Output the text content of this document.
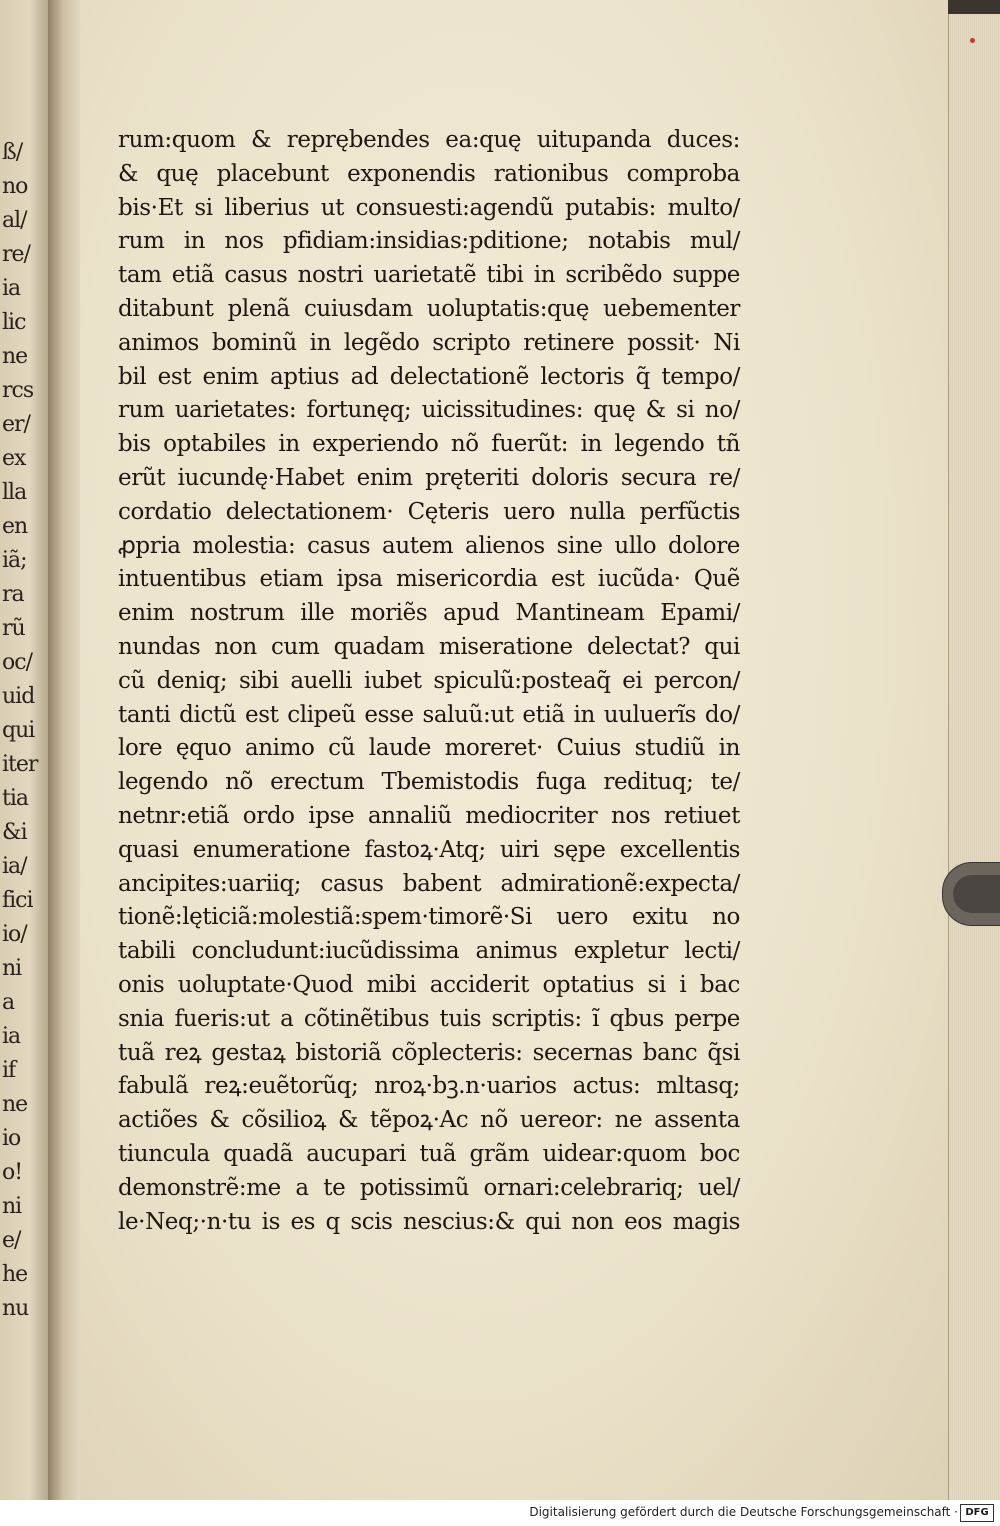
ß/
no
al/
re/
ia
lic
ne
rcs
er/
ex
lla
en
iã;
ra
rũ
oc/
uid
qui
iter
tia
&i
ia/
fici
io/
ni
a
ia
if
ne
io
o!
ni
e/
he
nu
rum:quom & reprębendes ea:quę uitupanda duces:
& quę placebunt exponendis rationibus comproba
bis·Et si liberius ut consuesti:agendũ putabis: multo/
rum in nos pfidiam:insidias:pditione; notabis mul/
tam etiã casus nostri uarietatẽ tibi in scribẽdo suppe
ditabunt plenã cuiusdam uoluptatis:quę uebementer
animos bominũ in legẽdo scripto retinere possit· Ni
bil est enim aptius ad delectationẽ lectoris q̃ tempo/
rum uarietates: fortunęq; uicissitudines: quę & si no/
bis optabiles in experiendo nõ fuerũt: in legendo tñ
erũt iucundę·Habet enim pręteriti doloris secura re/
cordatio delectationem· Cęteris uero nulla perfũctis
ꝓpria molestia: casus autem alienos sine ullo dolore
intuentibus etiam ipsa misericordia est iucũda· Quẽ
enim nostrum ille moriẽs apud Mantineam Epami/
nundas non cum quadam miseratione delectat? qui
cũ deniq; sibi auelli iubet spiculũ:posteaq̃ ei percon/
tanti dictũ est clipeũ esse saluũ:ut etiã in uuluerĩs do/
lore ęquo animo cũ laude moreret· Cuius studiũ in
legendo nõ erectum Tbemistodis fuga redituq; te/
netnr:etiã ordo ipse annaliũ mediocriter nos retiuet
quasi enumeratione fastoꝝ·Atq; uiri sępe excellentis
ancipites:uariiq; casus babent admirationẽ:expecta/
tionẽ:lęticiã:molestiã:spem·timorẽ·Si uero exitu no
tabili concludunt:iucũdissima animus expletur lecti/
onis uoluptate·Quod mibi acciderit optatius si i bac
snia fueris:ut a cõtinẽtibus tuis scriptis: ĩ qbus perpe
tuã reꝝ gestaꝝ bistoriã cõplecteris: secernas banc q̃si
fabulã reꝝ:euẽtorũq; nroꝝ·bꝫ.n·uarios actus: mltasq;
actiões & cõsilioꝝ & tẽpoꝝ·Ac nõ uereor: ne assenta
tiuncula quadã aucupari tuã grãm uidear:quom boc
demonstrẽ:me a te potissimũ ornari:celebrariq; uel/
le·Neq;·n·tu is es q scis nescius:& qui non eos magis
Digitalisierung gefördert durch die Deutsche Forschungsgemeinschaft · DFG
